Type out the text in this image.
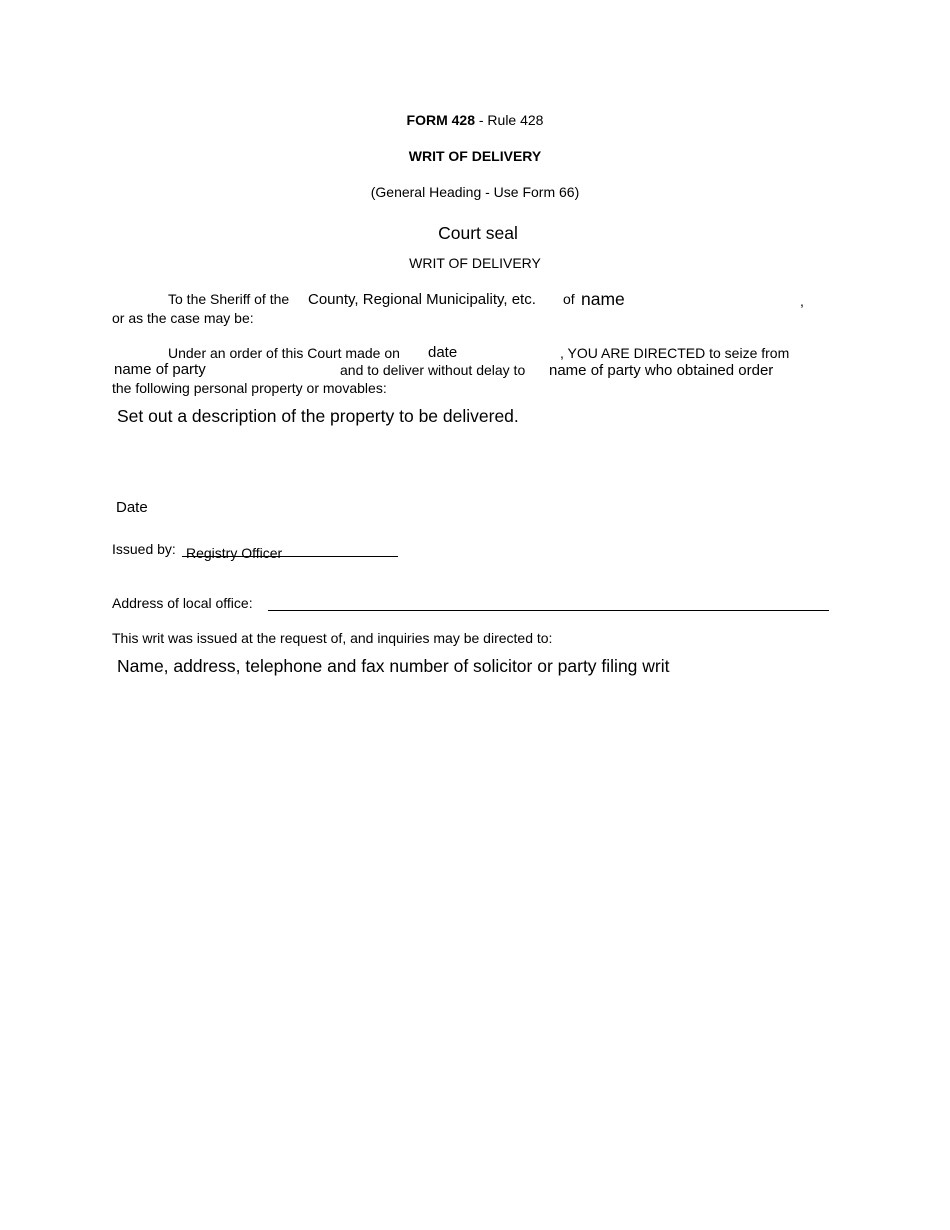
FORM 428 - Rule 428
WRIT OF DELIVERY
(General Heading - Use Form 66)
Court seal
WRIT OF DELIVERY
To the Sheriff of the County, Regional Municipality, etc. of name	,
or as the case may be:
Under an order of this Court made on date	, YOU ARE DIRECTED to seize from
name of party	and to deliver without delay to name of party who obtained order
the following personal property or movables:
Set out a description of the property to be delivered.
Date
Issued by: Registry Officer
Address of local office:
This writ was issued at the request of, and inquiries may be directed to:
Name, address, telephone and fax number of solicitor or party filing writ
